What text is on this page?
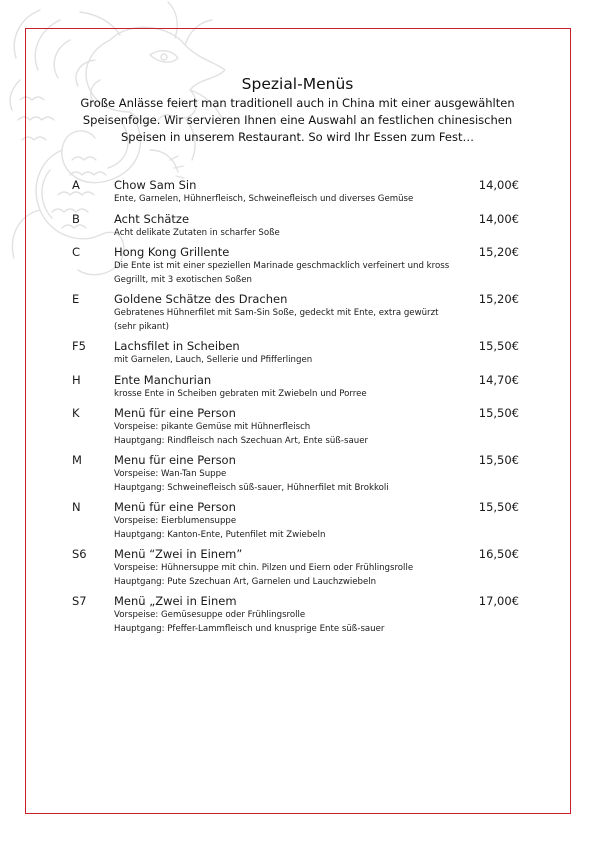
Spezial-Menüs
Große Anlässe feiert man traditionell auch in China mit einer ausgewählten
Speisenfolge. Wir servieren Ihnen eine Auswahl an festlichen chinesischen
Speisen in unserem Restaurant. So wird Ihr Essen zum Fest…
A	Chow Sam Sin	14,00€
Ente, Garnelen, Hühnerfleisch, Schweinefleisch und diverses Gemüse
B	Acht Schätze	14,00€
Acht delikate Zutaten in scharfer Soße
C	Hong Kong Grillente	15,20€
Die Ente ist mit einer speziellen Marinade geschmacklich verfeinert und kross
Gegrillt, mit 3 exotischen Soßen
E	Goldene Schätze des Drachen	15,20€
Gebratenes Hühnerfilet mit Sam-Sin Soße, gedeckt mit Ente, extra gewürzt
(sehr pikant)
F5 Lachsfilet in Scheiben	15,50€
mit Garnelen, Lauch, Sellerie und Pfifferlingen
H	Ente Manchurian	14,70€
krosse Ente in Scheiben gebraten mit Zwiebeln und Porree
K	Menü für eine Person	15,50€
Vorspeise: pikante Gemüse mit Hühnerfleisch
Hauptgang: Rindfleisch nach Szechuan Art, Ente süß-sauer
M	Menu für eine Person	15,50€
Vorspeise: Wan-Tan Suppe
Hauptgang: Schweinefleisch süß-sauer, Hühnerfilet mit Brokkoli
N	Menü für eine Person	15,50€
Vorspeise: Eierblumensuppe
Hauptgang: Kanton-Ente, Putenfilet mit Zwiebeln
S6 Menü “Zwei in Einem”	16,50€
Vorspeise: Hühnersuppe mit chin. Pilzen und Eiern oder Frühlingsrolle
Hauptgang: Pute Szechuan Art, Garnelen und Lauchzwiebeln
S7 Menü „Zwei in Einem	17,00€
Vorspeise: Gemüsesuppe oder Frühlingsrolle
Hauptgang: Pfeffer-Lammfleisch und knusprige Ente süß-sauer
